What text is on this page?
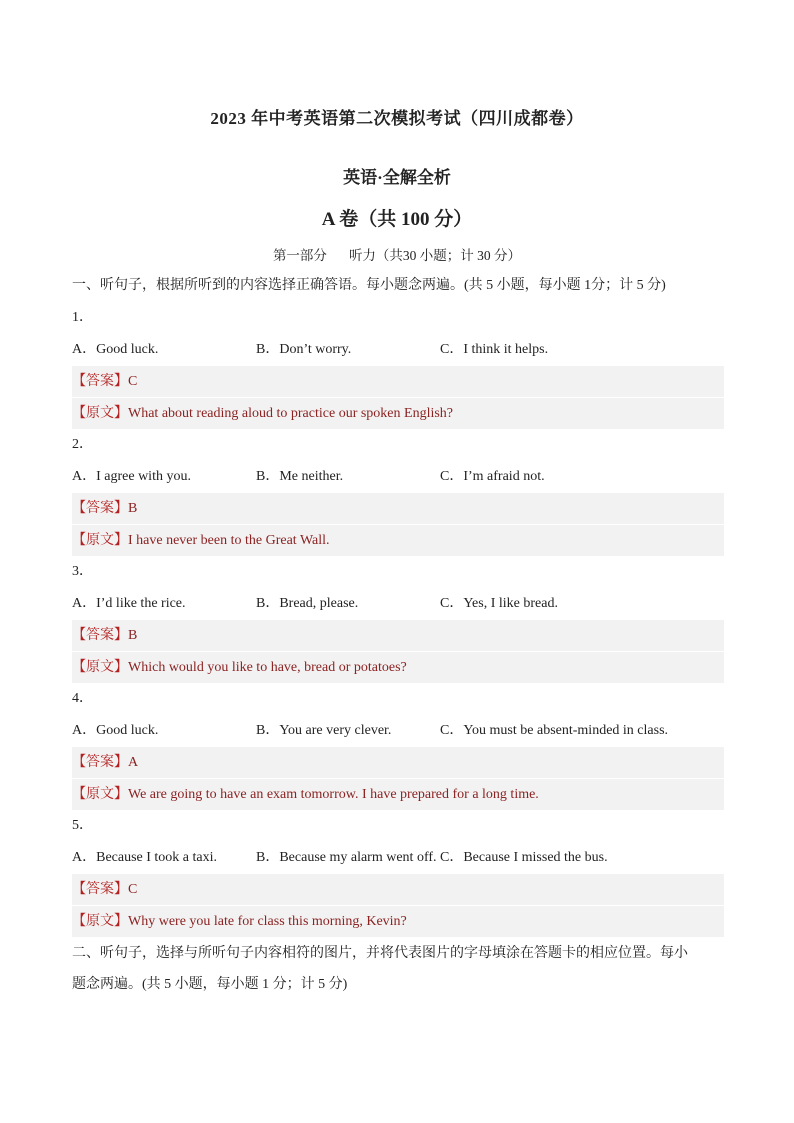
2023 年中考英语第二次模拟考试（四川成都卷）
英语·全解全析
A 卷（共 100 分）
第一部分 听力（共30 小题；计 30 分）
一、听句子，根据所听到的内容选择正确答语。每小题念两遍。(共 5 小题，每小题 1分；计 5 分)
1．
A．Good luck.	B．Don’t worry.	C．I think it helps.
【答案】C
【原文】What about reading aloud to practice our spoken English?
2．
A．I agree with you.	B．Me neither.	C．I’m afraid not.
【答案】B
【原文】I have never been to the Great Wall.
3．
A．I’d like the rice.	B．Bread, please.	C．Yes, I like bread.
【答案】B
【原文】Which would you like to have, bread or potatoes?
4．
A．Good luck.	B．You are very clever.	C．You must be absent-minded in class.
【答案】A
【原文】We are going to have an exam tomorrow. I have prepared for a long time.
5．
A．Because I took a taxi.	B．Because my alarm went off. C．Because I missed the bus.
【答案】C
【原文】Why were you late for class this morning, Kevin?
二、听句子，选择与所听句子内容相符的图片，并将代表图片的字母填涂在答题卡的相应位置。每小
题念两遍。(共 5 小题，每小题 1 分；计 5 分)
